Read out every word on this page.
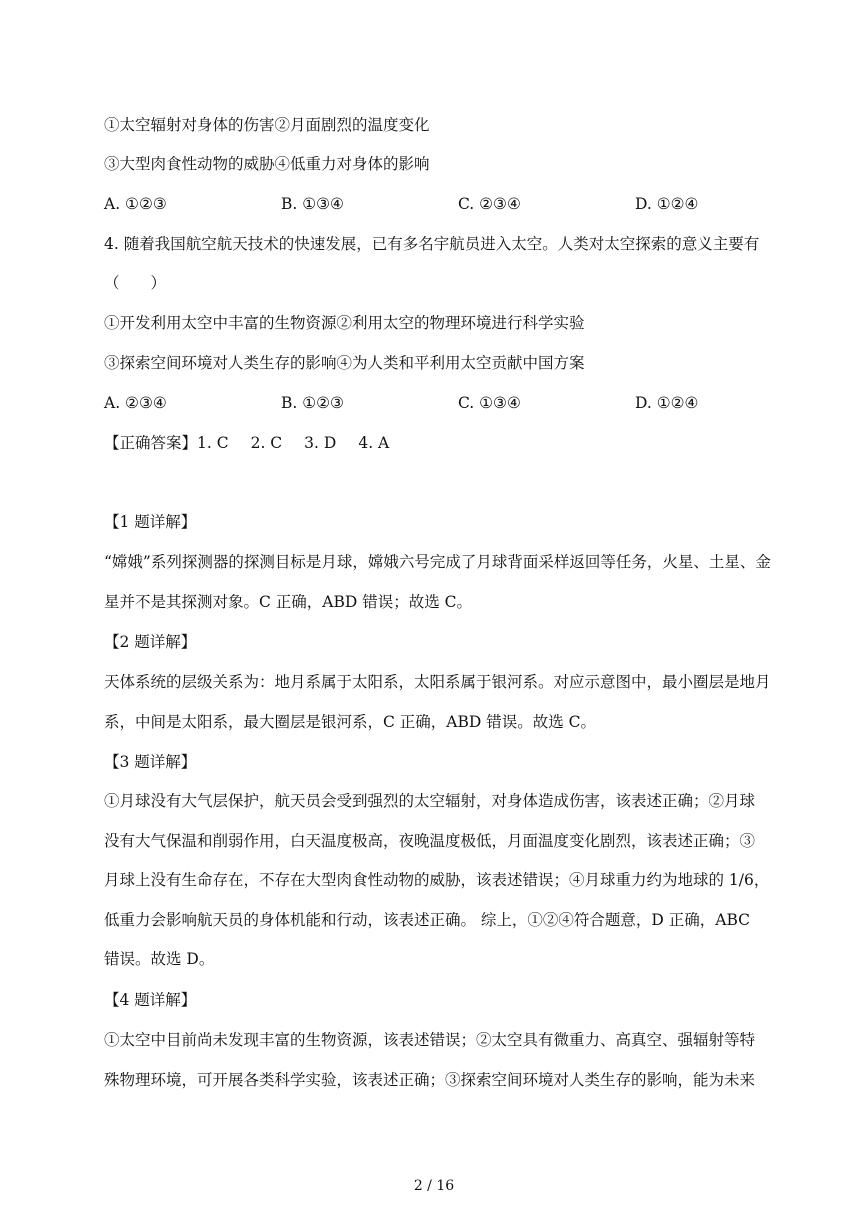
①太空辐射对身体的伤害②月面剧烈的温度变化
③大型肉食性动物的威胁④低重力对身体的影响
A. ①②③	B. ①③④	C. ②③④	D. ①②④
4. 随着我国航空航天技术的快速发展，已有多名宇航员进入太空。人类对太空探索的意义主要有
（　　）
①开发利用太空中丰富的生物资源②利用太空的物理环境进行科学实验
③探索空间环境对人类生存的影响④为人类和平利用太空贡献中国方案
A. ②③④	B. ①②③	C. ①③④	D. ①②④
【正确答案】1. C 2. C 3. D 4. A
【1 题详解】
“嫦娥”系列探测器的探测目标是月球，嫦娥六号完成了月球背面采样返回等任务，火星、土星、金
星并不是其探测对象。C 正确，ABD 错误；故选 C。
【2 题详解】
天体系统的层级关系为：地月系属于太阳系，太阳系属于银河系。对应示意图中，最小圈层是地月
系，中间是太阳系，最大圈层是银河系，C 正确，ABD 错误。故选 C。
【3 题详解】
①月球没有大气层保护，航天员会受到强烈的太空辐射，对身体造成伤害，该表述正确；②月球
没有大气保温和削弱作用，白天温度极高，夜晚温度极低，月面温度变化剧烈，该表述正确；③
月球上没有生命存在，不存在大型肉食性动物的威胁，该表述错误；④月球重力约为地球的 1/6，
低重力会影响航天员的身体机能和行动，该表述正确。 综上，①②④符合题意，D 正确，ABC
错误。故选 D。
【4 题详解】
①太空中目前尚未发现丰富的生物资源，该表述错误；②太空具有微重力、高真空、强辐射等特
殊物理环境，可开展各类科学实验，该表述正确；③探索空间环境对人类生存的影响，能为未来
2 / 16
